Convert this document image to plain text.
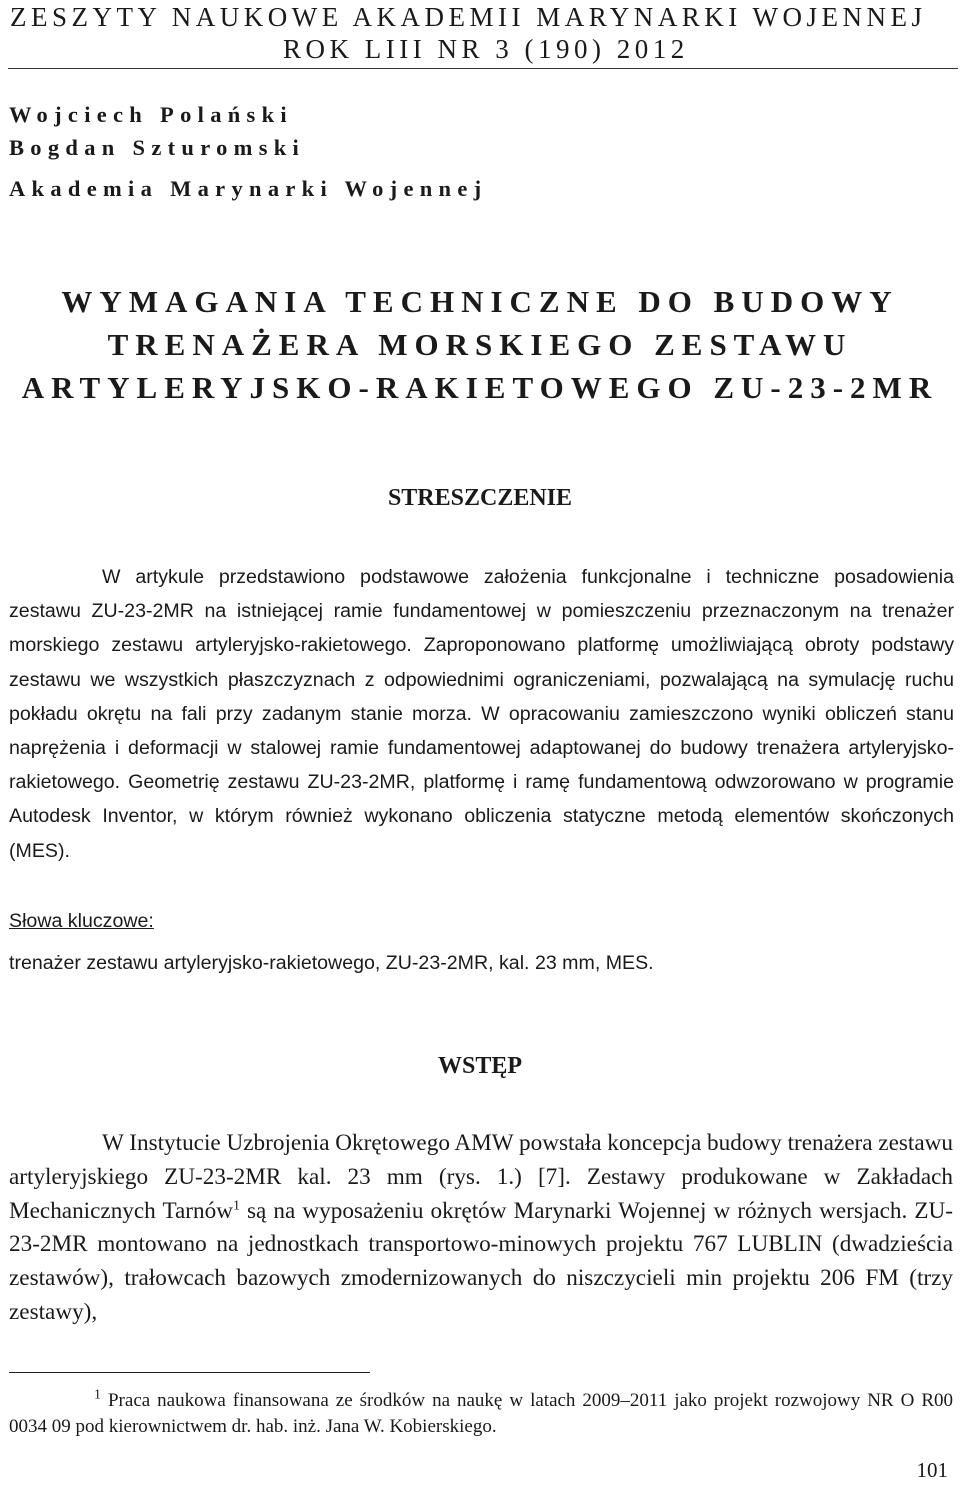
ZESZYTY NAUKOWE AKADEMII MARYNARKI WOJENNEJ
ROK LIII NR 3 (190) 2012
Wojciech Polański
Bogdan Szturomski
Akademia Marynarki Wojennej
WYMAGANIA TECHNICZNE DO BUDOWY
TRENAŻERA MORSKIEGO ZESTAWU
ARTYLERYJSKO-RAKIETOWEGO ZU-23-2MR
STRESZCZENIE
W artykule przedstawiono podstawowe założenia funkcjonalne i techniczne posadowienia zestawu ZU-23-2MR na istniejącej ramie fundamentowej w pomieszczeniu przeznaczonym na trenażer morskiego zestawu artyleryjsko-rakietowego. Zaproponowano platformę umożliwiającą obroty podstawy zestawu we wszystkich płaszczyznach z odpowiednimi ograniczeniami, pozwalającą na symulację ruchu pokładu okrętu na fali przy zadanym stanie morza. W opracowaniu zamieszczono wyniki obliczeń stanu naprężenia i deformacji w stalowej ramie fundamentowej adaptowanej do budowy trenażera artyleryjsko-rakietowego. Geometrię zestawu ZU-23-2MR, platformę i ramę fundamentową odwzorowano w programie Autodesk Inventor, w którym również wykonano obliczenia statyczne metodą elementów skończonych (MES).
Słowa kluczowe:
trenażer zestawu artyleryjsko-rakietowego, ZU-23-2MR, kal. 23 mm, MES.
WSTĘP
W Instytucie Uzbrojenia Okrętowego AMW powstała koncepcja budowy trenażera zestawu artyleryjskiego ZU-23-2MR kal. 23 mm (rys. 1.) [7]. Zestawy produkowane w Zakładach Mechanicznych Tarnów$^1$ są na wyposażeniu okrętów Marynarki Wojennej w różnych wersjach. ZU-23-2MR montowano na jednostkach transportowo-minowych projektu 767 LUBLIN (dwadzieścia zestawów), trałowcach bazowych zmodernizowanych do niszczycieli min projektu 206 FM (trzy zestawy),
$^1$ Praca naukowa finansowana ze środków na naukę w latach 2009–2011 jako projekt rozwojowy NR O R00 0034 09 pod kierownictwem dr. hab. inż. Jana W. Kobierskiego.
101
